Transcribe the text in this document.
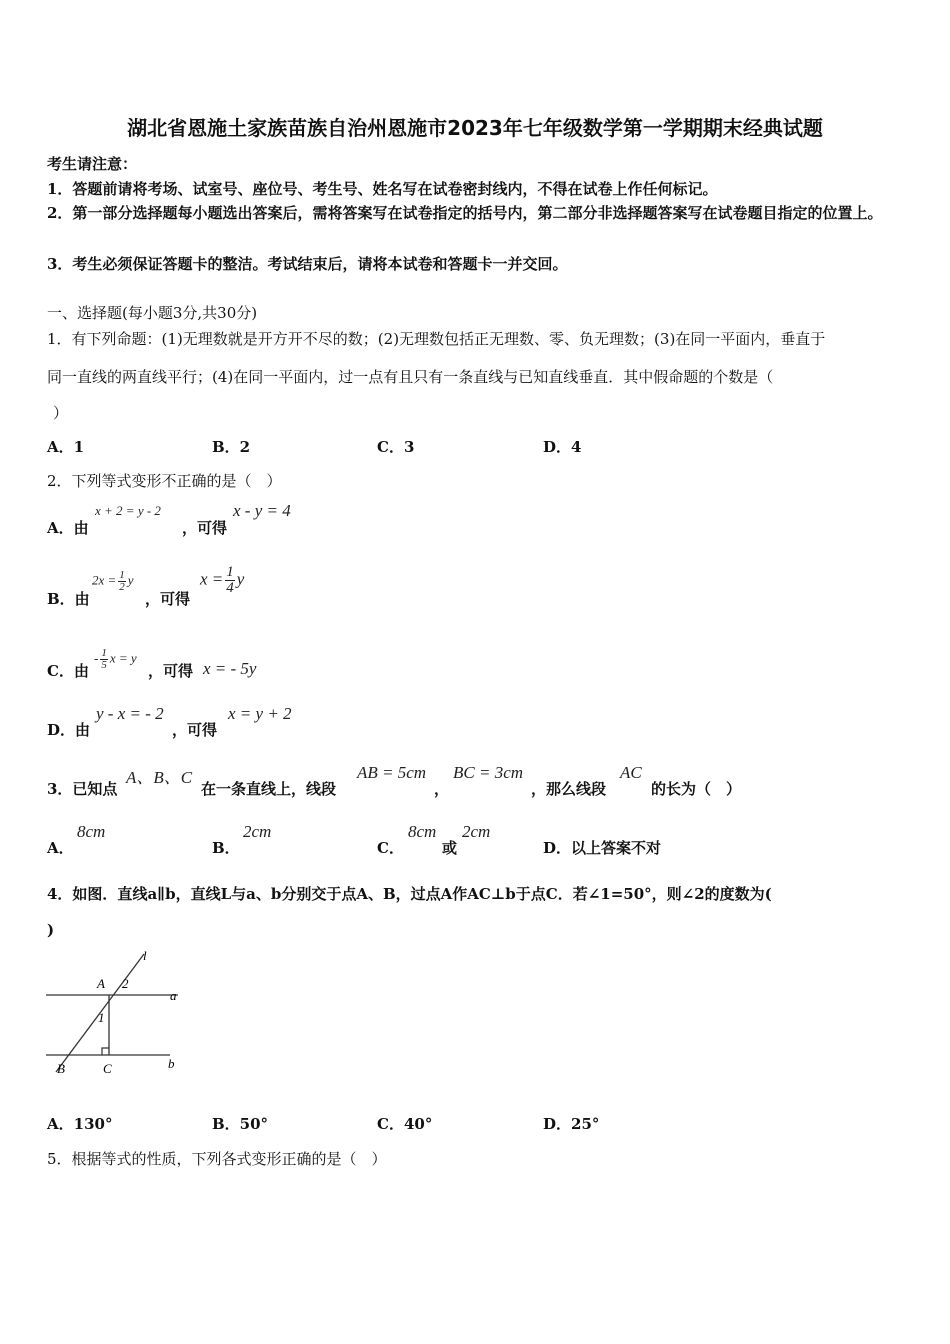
湖北省恩施土家族苗族自治州恩施市2023年七年级数学第一学期期末经典试题
考生请注意：
1．答题前请将考场、试室号、座位号、考生号、姓名写在试卷密封线内，不得在试卷上作任何标记。
2．第一部分选择题每小题选出答案后，需将答案写在试卷指定的括号内，第二部分非选择题答案写在试卷题目指定的位置上。
3．考生必须保证答题卡的整洁。考试结束后，请将本试卷和答题卡一并交回。
一、选择题(每小题3分,共30分)
1．有下列命题：(1)无理数就是开方开不尽的数；(2)无理数包括正无理数、零、负无理数；(3)在同一平面内，垂直于
同一直线的两直线平行；(4)在同一平面内，过一点有且只有一条直线与已知直线垂直．其中假命题的个数是（
）
A．1	B．2	C．3	D．4
2．下列等式变形不正确的是（　）
A．由
x + 2 = y - 2
，可得
x - y = 4
B．由
$2x = \frac{1}{2}$ y
，可得
$x = \frac{1}{4}$ y
C．由
- $\frac{1}{5}$ x = y
，可得 x = - 5y
D．由
y - x = - 2
，可得
x = y + 2
3．已知点
A、B、C
在一条直线上，线段
AB = 5cm
，
BC = 3cm
，那么线段
AC
的长为（　）
A．
8cm
B．
2cm
C．
8cm
或
2cm
D．以上答案不对
4．如图．直线a∥b，直线L与a、b分别交于点A、B，过点A作AC⊥b于点C．若∠1=50°，则∠2的度数为(
)
l
A 2
a
1
B	C	b
A．130°	B．50°	C．40°	D．25°
5．根据等式的性质，下列各式变形正确的是（　）
